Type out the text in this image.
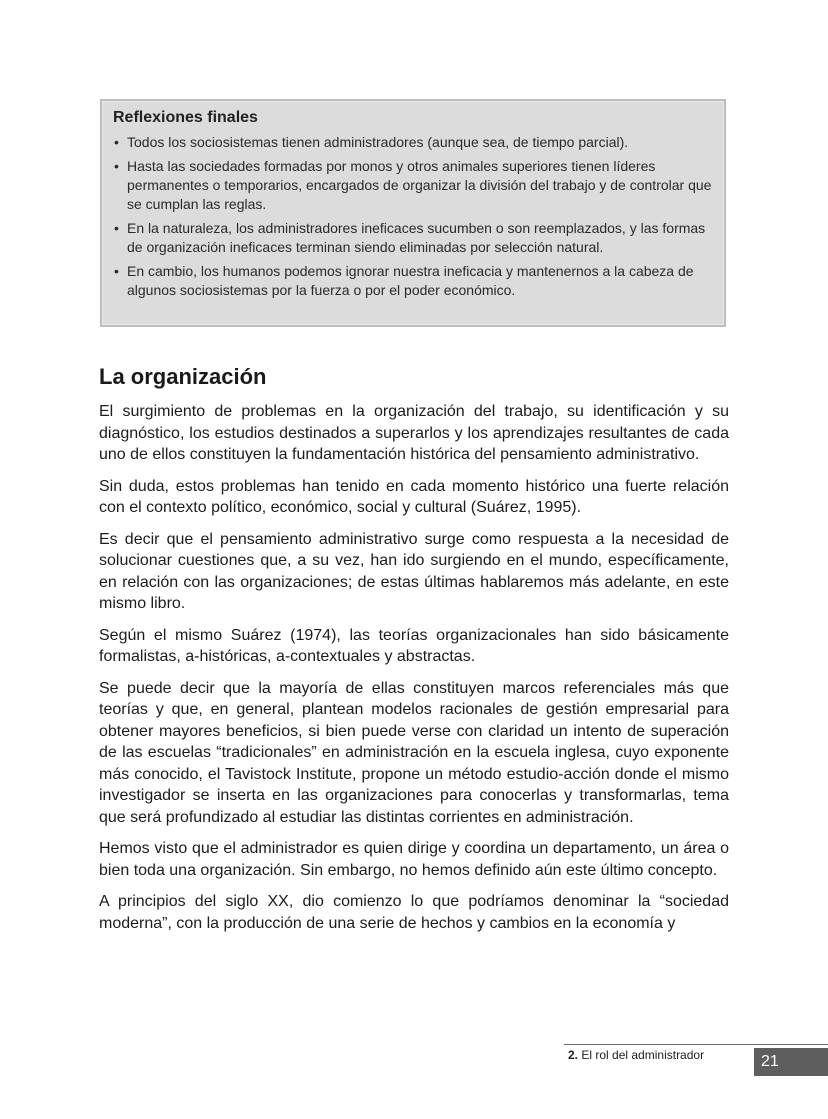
Reflexiones finales
• Todos los sociosistemas tienen administradores (aunque sea, de tiempo parcial).
• Hasta las sociedades formadas por monos y otros animales superiores tienen líderes permanentes o temporarios, encargados de organizar la división del trabajo y de controlar que se cumplan las reglas.
• En la naturaleza, los administradores ineficaces sucumben o son reemplazados, y las formas de organización ineficaces terminan siendo eliminadas por selección natural.
• En cambio, los humanos podemos ignorar nuestra ineficacia y mantenernos a la cabeza de algunos sociosistemas por la fuerza o por el poder económico.
La organización

El surgimiento de problemas en la organización del trabajo, su identificación y su diagnóstico, los estudios destinados a superarlos y los aprendizajes resultantes de cada uno de ellos constituyen la fundamentación histórica del pensamiento administrativo.

Sin duda, estos problemas han tenido en cada momento histórico una fuerte relación con el contexto político, económico, social y cultural (Suárez, 1995).

Es decir que el pensamiento administrativo surge como respuesta a la necesidad de solucionar cuestiones que, a su vez, han ido surgiendo en el mundo, específicamente, en relación con las organizaciones; de estas últimas hablaremos más adelante, en este mismo libro.

Según el mismo Suárez (1974), las teorías organizacionales han sido básicamente formalistas, a-históricas, a-contextuales y abstractas.

Se puede decir que la mayoría de ellas constituyen marcos referenciales más que teorías y que, en general, plantean modelos racionales de gestión empresarial para obtener mayores beneficios, si bien puede verse con claridad un intento de superación de las escuelas “tradicionales” en administración en la escuela inglesa, cuyo exponente más conocido, el Tavistock Institute, propone un método estudio-acción donde el mismo investigador se inserta en las organizaciones para conocerlas y transformarlas, tema que será profundizado al estudiar las distintas corrientes en administración.

Hemos visto que el administrador es quien dirige y coordina un departamento, un área o bien toda una organización. Sin embargo, no hemos definido aún este último concepto.

A principios del siglo XX, dio comienzo lo que podríamos denominar la “sociedad moderna”, con la producción de una serie de hechos y cambios en la economía y

2. El rol del administrador	21
